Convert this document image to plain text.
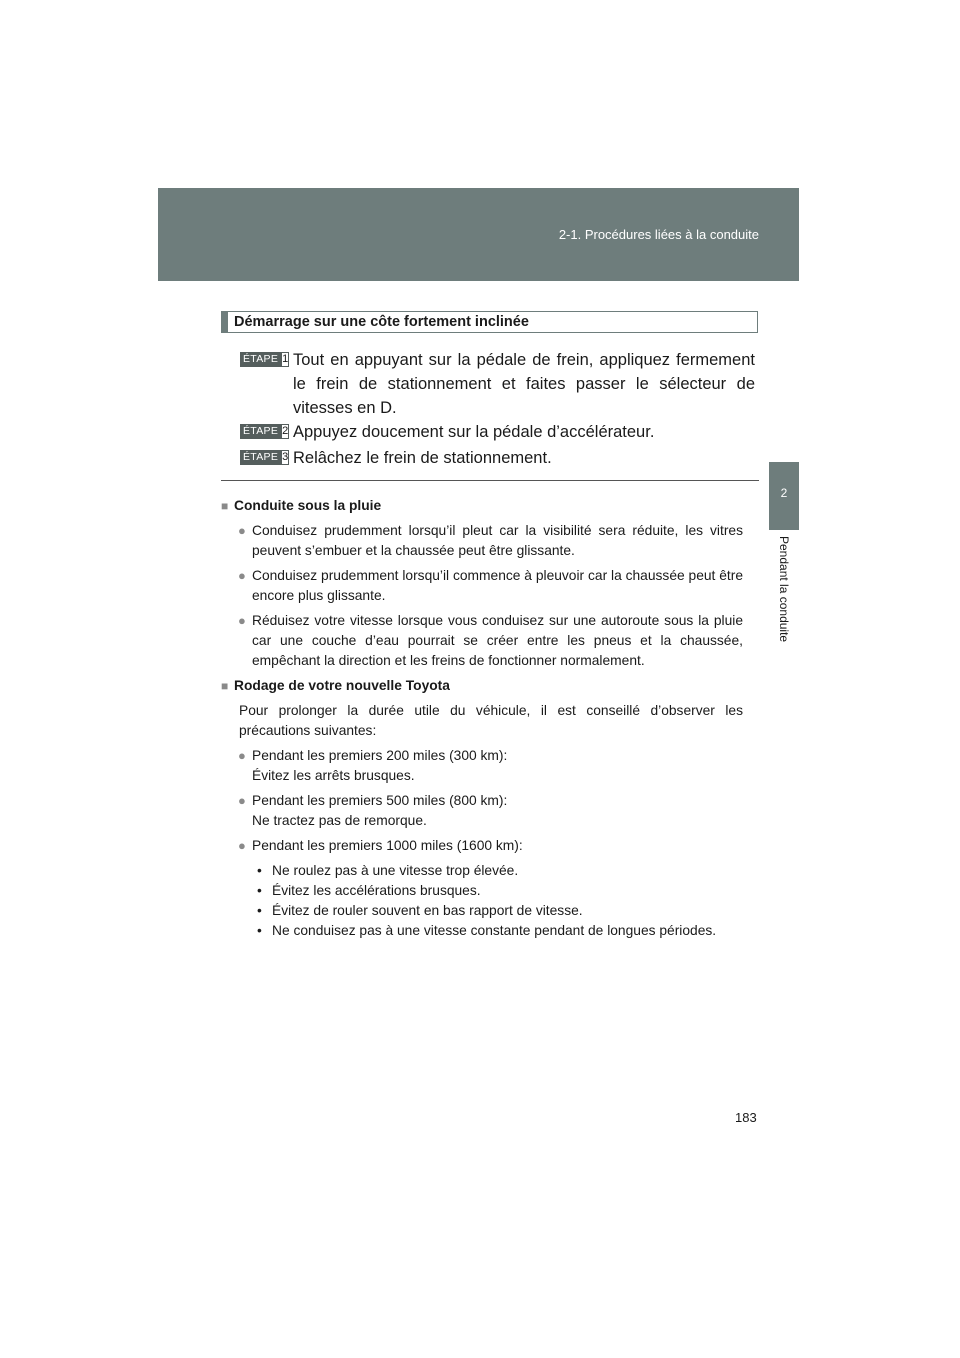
2-1. Procédures liées à la conduite
2
Pendant la conduite
Démarrage sur une côte fortement inclinée
ÉTAPE 1 Tout en appuyant sur la pédale de frein, appliquez fermement le frein de stationnement et faites passer le sélecteur de vitesses en D.
ÉTAPE 2 Appuyez doucement sur la pédale d’accélérateur.
ÉTAPE 3 Relâchez le frein de stationnement.
■ Conduite sous la pluie
● Conduisez prudemment lorsqu’il pleut car la visibilité sera réduite, les vitres peuvent s’embuer et la chaussée peut être glissante.
● Conduisez prudemment lorsqu’il commence à pleuvoir car la chaussée peut être encore plus glissante.
● Réduisez votre vitesse lorsque vous conduisez sur une autoroute sous la pluie car une couche d’eau pourrait se créer entre les pneus et la chaussée, empêchant la direction et les freins de fonctionner normalement.
■ Rodage de votre nouvelle Toyota
Pour prolonger la durée utile du véhicule, il est conseillé d’observer les précautions suivantes:
● Pendant les premiers 200 miles (300 km):
Évitez les arrêts brusques.
● Pendant les premiers 500 miles (800 km):
Ne tractez pas de remorque.
● Pendant les premiers 1000 miles (1600 km):
• Ne roulez pas à une vitesse trop élevée.
• Évitez les accélérations brusques.
• Évitez de rouler souvent en bas rapport de vitesse.
• Ne conduisez pas à une vitesse constante pendant de longues périodes.
183
